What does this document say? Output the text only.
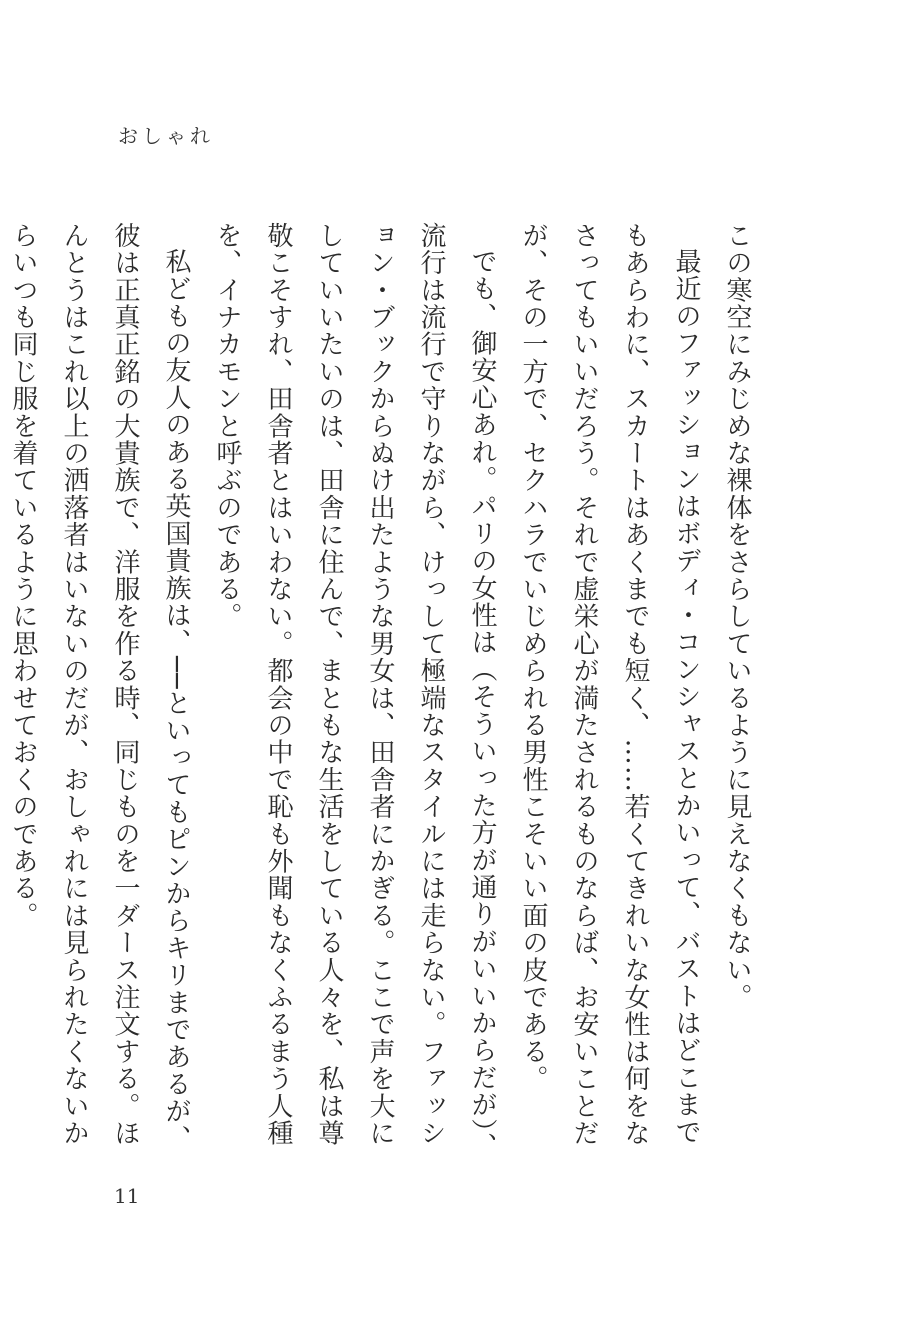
おしゃれ

この寒空にみじめな裸体をさらしているように見えなくもない。

最近のファッションはボディ・コンシャスとかいって、バストはどこまでもあらわに、スカートはあくまでも短く、……若くてきれいな女性は何をなさってもいいだろう。それで虚栄心が満たされるものならば、お安いことだが、その一方で、セクハラでいじめられる男性こそいい面の皮である。

でも、御安心あれ。パリの女性は（そういった方が通りがいいからだが）、流行は流行で守りながら、けっして極端なスタイルには走らない。ファッション・ブックからぬけ出たような男女は、田舎者にかぎる。ここで声を大にしていいたいのは、田舎に住んで、まともな生活をしている人々を、私は尊敬こそすれ、田舎者とはいわない。都会の中で恥も外聞もなくふるまう人種を、イナカモンと呼ぶのである。

私どもの友人のある英国貴族は、──といってもピンからキリまであるが、彼は正真正銘の大貴族で、洋服を作る時、同じものを一ダース注文する。ほんとうはこれ以上の洒落者はいないのだが、おしゃれには見られたくないからいつも同じ服を着ているように思わせておくのである。

11
